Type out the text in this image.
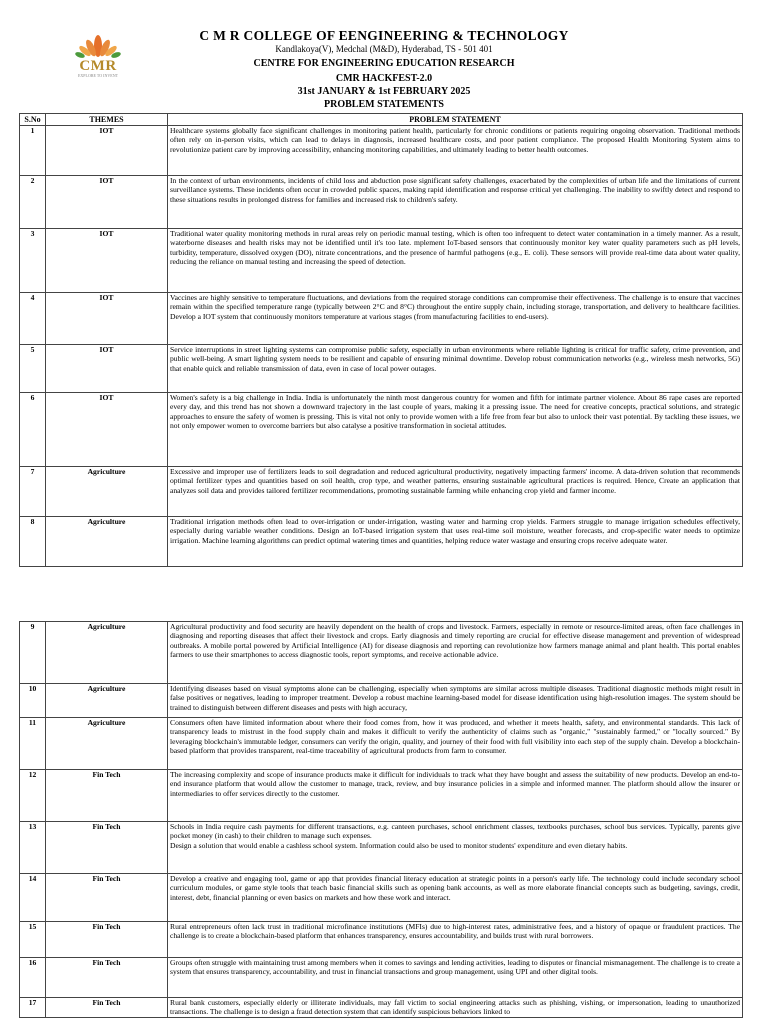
CMR
EXPLORE TO INVENT
C M R COLLEGE OF EENGINEERING & TECHNOLOGY
Kandlakoya(V), Medchal (M&D), Hyderabad, TS - 501 401
CENTRE FOR ENGINEERING EDUCATION RESEARCH
CMR HACKFEST-2.0
31st JANUARY & 1st FEBRUARY 2025
PROBLEM STATEMENTS
S.No	THEMES	PROBLEM STATEMENT
1	IOT	Healthcare systems globally face significant challenges in monitoring patient health, particularly for chronic conditions or patients requiring ongoing observation. Traditional methods often rely on in-person visits, which can lead to delays in diagnosis, increased healthcare costs, and poor patient compliance. The proposed Health Monitoring System aims to revolutionize patient care by improving accessibility, enhancing monitoring capabilities, and ultimately leading to better health outcomes.
2	IOT	In the context of urban environments, incidents of child loss and abduction pose significant safety challenges, exacerbated by the complexities of urban life and the limitations of current surveillance systems. These incidents often occur in crowded public spaces, making rapid identification and response critical yet challenging. The inability to swiftly detect and respond to these situations results in prolonged distress for families and increased risk to children's safety.
3	IOT	Traditional water quality monitoring methods in rural areas rely on periodic manual testing, which is often too infrequent to detect water contamination in a timely manner. As a result, waterborne diseases and health risks may not be identified until it's too late. mplement IoT-based sensors that continuously monitor key water quality parameters such as pH levels, turbidity, temperature, dissolved oxygen (DO), nitrate concentrations, and the presence of harmful pathogens (e.g., E. coli). These sensors will provide real-time data about water quality, reducing the reliance on manual testing and increasing the speed of detection.
4	IOT	Vaccines are highly sensitive to temperature fluctuations, and deviations from the required storage conditions can compromise their effectiveness. The challenge is to ensure that vaccines remain within the specified temperature range (typically between 2°C and 8°C) throughout the entire supply chain, including storage, transportation, and delivery to healthcare facilities. Develop a IOT system that continuously monitors temperature at various stages (from manufacturing facilities to end-users).
5	IOT	Service interruptions in street lighting systems can compromise public safety, especially in urban environments where reliable lighting is critical for traffic safety, crime prevention, and public well-being. A smart lighting system needs to be resilient and capable of ensuring minimal downtime. Develop robust communication networks (e.g., wireless mesh networks, 5G) that enable quick and reliable transmission of data, even in case of local power outages.
6	IOT	Women's safety is a big challenge in India. India is unfortunately the ninth most dangerous country for women and fifth for intimate partner violence. About 86 rape cases are reported every day, and this trend has not shown a downward trajectory in the last couple of years, making it a pressing issue. The need for creative concepts, practical solutions, and strategic approaches to ensure the safety of women is pressing. This is vital not only to provide women with a life free from fear but also to unlock their vast potential. By tackling these issues, we not only empower women to overcome barriers but also catalyse a positive transformation in societal attitudes.
7	Agriculture	Excessive and improper use of fertilizers leads to soil degradation and reduced agricultural productivity, negatively impacting farmers' income. A data-driven solution that recommends optimal fertilizer types and quantities based on soil health, crop type, and weather patterns, ensuring sustainable agricultural practices is required. Hence, Create an application that analyzes soil data and provides tailored fertilizer recommendations, promoting sustainable farming while enhancing crop yield and farmer income.
8	Agriculture	Traditional irrigation methods often lead to over-irrigation or under-irrigation, wasting water and harming crop yields. Farmers struggle to manage irrigation schedules effectively, especially during variable weather conditions. Design an IoT-based irrigation system that uses real-time soil moisture, weather forecasts, and crop-specific water needs to optimize irrigation. Machine learning algorithms can predict optimal watering times and quantities, helping reduce water wastage and ensuring crops receive adequate water.
9	Agriculture	Agricultural productivity and food security are heavily dependent on the health of crops and livestock. Farmers, especially in remote or resource-limited areas, often face challenges in diagnosing and reporting diseases that affect their livestock and crops. Early diagnosis and timely reporting are crucial for effective disease management and prevention of widespread outbreaks. A mobile portal powered by Artificial Intelligence (AI) for disease diagnosis and reporting can revolutionize how farmers manage animal and plant health. This portal enables farmers to use their smartphones to access diagnostic tools, report symptoms, and receive actionable advice.
10	Agriculture	Identifying diseases based on visual symptoms alone can be challenging, especially when symptoms are similar across multiple diseases. Traditional diagnostic methods might result in false positives or negatives, leading to improper treatment. Develop a robust machine learning-based model for disease identification using high-resolution images. The system should be trained to distinguish between different diseases and pests with high accuracy,
11	Agriculture	Consumers often have limited information about where their food comes from, how it was produced, and whether it meets health, safety, and environmental standards. This lack of transparency leads to mistrust in the food supply chain and makes it difficult to verify the authenticity of claims such as "organic," "sustainably farmed," or "locally sourced." By leveraging blockchain's immutable ledger, consumers can verify the origin, quality, and journey of their food with full visibility into each step of the supply chain. Develop a blockchain-based platform that provides transparent, real-time traceability of agricultural products from farm to consumer.
12	Fin Tech	The increasing complexity and scope of insurance products make it difficult for individuals to track what they have bought and assess the suitability of new products. Develop an end-to-end insurance platform that would allow the customer to manage, track, review, and buy insurance policies in a simple and informed manner. The platform should allow the insurer or intermediaries to offer services directly to the customer.
13	Fin Tech	Schools in India require cash payments for different transactions, e.g. canteen purchases, school enrichment classes, textbooks purchases, school bus services. Typically, parents give pocket money (in cash) to their children to manage such expenses.
Design a solution that would enable a cashless school system. Information could also be used to monitor students' expenditure and even dietary habits.
14	Fin Tech	Develop a creative and engaging tool, game or app that provides financial literacy education at strategic points in a person's early life. The technology could include secondary school curriculum modules, or game style tools that teach basic financial skills such as opening bank accounts, as well as more elaborate financial concepts such as budgeting, savings, credit, interest, debt, financial planning or even basics on markets and how these work and interact.
15	Fin Tech	Rural entrepreneurs often lack trust in traditional microfinance institutions (MFIs) due to high-interest rates, administrative fees, and a history of opaque or fraudulent practices. The challenge is to create a blockchain-based platform that enhances transparency, ensures accountability, and builds trust with rural borrowers.
16	Fin Tech	Groups often struggle with maintaining trust among members when it comes to savings and lending activities, leading to disputes or financial mismanagement. The challenge is to create a system that ensures transparency, accountability, and trust in financial transactions and group management, using UPI and other digital tools.
17	Fin Tech	Rural bank customers, especially elderly or illiterate individuals, may fall victim to social engineering attacks such as phishing, vishing, or impersonation, leading to unauthorized transactions. The challenge is to design a fraud detection system that can identify suspicious behaviors linked to
